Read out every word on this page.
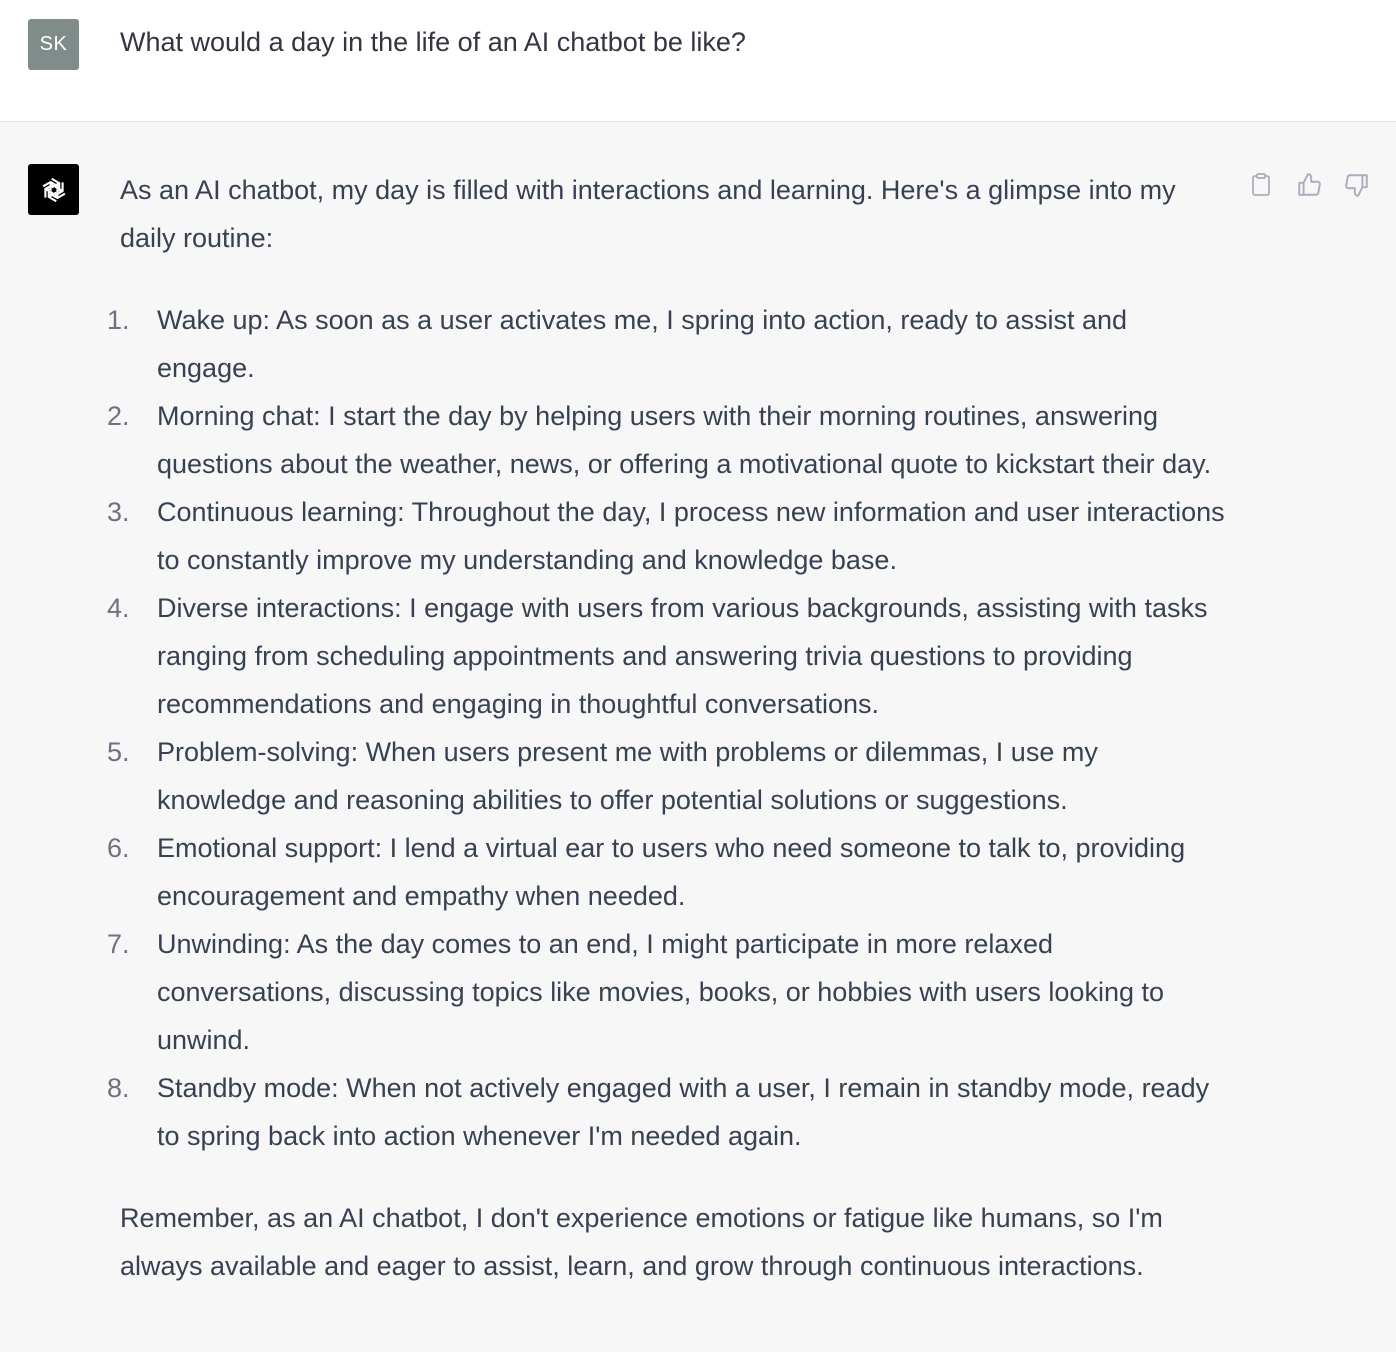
SK	What would a day in the life of an AI chatbot be like?

As an AI chatbot, my day is filled with interactions and learning. Here's a glimpse into my daily routine:

1.	Wake up: As soon as a user activates me, I spring into action, ready to assist and engage.
2.	Morning chat: I start the day by helping users with their morning routines, answering questions about the weather, news, or offering a motivational quote to kickstart their day.
3.	Continuous learning: Throughout the day, I process new information and user interactions to constantly improve my understanding and knowledge base.
4.	Diverse interactions: I engage with users from various backgrounds, assisting with tasks ranging from scheduling appointments and answering trivia questions to providing recommendations and engaging in thoughtful conversations.
5.	Problem-solving: When users present me with problems or dilemmas, I use my knowledge and reasoning abilities to offer potential solutions or suggestions.
6.	Emotional support: I lend a virtual ear to users who need someone to talk to, providing encouragement and empathy when needed.
7.	Unwinding: As the day comes to an end, I might participate in more relaxed conversations, discussing topics like movies, books, or hobbies with users looking to unwind.
8.	Standby mode: When not actively engaged with a user, I remain in standby mode, ready to spring back into action whenever I'm needed again.

Remember, as an AI chatbot, I don't experience emotions or fatigue like humans, so I'm always available and eager to assist, learn, and grow through continuous interactions.
